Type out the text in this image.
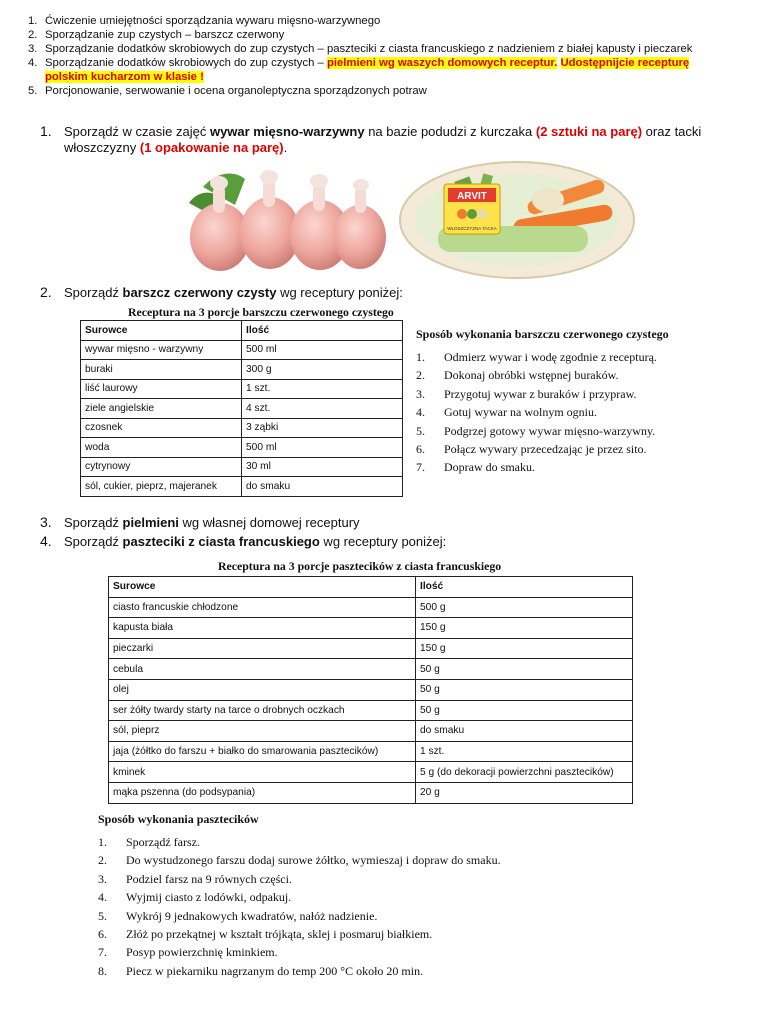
1. Ćwiczenie umiejętności sporządzania wywaru mięsno-warzywnego
2. Sporządzanie zup czystych – barszcz czerwony
3. Sporządzanie dodatków skrobiowych do zup czystych – paszteciki z ciasta francuskiego z nadzieniem z białej kapusty i pieczarek
4. Sporządzanie dodatków skrobiowych do zup czystych – pielmieni wg waszych domowych receptur. Udostępnijcie recepturę
polskim kucharzom w klasie !
5. Porcjonowanie, serwowanie i ocena organoleptyczna sporządzonych potraw
1. Sporządź w czasie zajęć wywar mięsno-warzywny na bazie podudzi z kurczaka (2 sztuki na parę) oraz tacki
włoszczyzny (1 opakowanie na parę).
ARVIT
WŁOSZCZYZNA TACKA
2. Sporządź barszcz czerwony czysty wg receptury poniżej:
Receptura na 3 porcje barszczu czerwonego czystego
Surowce	Ilość
wywar mięsno - warzywny	500 ml
buraki	300 g
liść laurowy	1 szt.
ziele angielskie	4 szt.
czosnek	3 ząbki
woda	500 ml
cytrynowy	30 ml
sól, cukier, pieprz, majeranek	do smaku
Sposób wykonania barszczu czerwonego czystego
1.	Odmierz wywar i wodę zgodnie z recepturą.
2.	Dokonaj obróbki wstępnej buraków.
3.	Przygotuj wywar z buraków i przypraw.
4.	Gotuj wywar na wolnym ogniu.
5.	Podgrzej gotowy wywar mięsno-warzywny.
6.	Połącz wywary przecedzając je przez sito.
7.	Dopraw do smaku.
3. Sporządź pielmieni wg własnej domowej receptury
4. Sporządź paszteciki z ciasta francuskiego wg receptury poniżej:
Receptura na 3 porcje pasztecików z ciasta francuskiego
Surowce	Ilość
ciasto francuskie chłodzone	500 g
kapusta biała	150 g
pieczarki	150 g
cebula	50 g
olej	50 g
ser żółty twardy starty na tarce o drobnych oczkach	50 g
sól, pieprz	do smaku
jaja (żółtko do farszu + białko do smarowania pasztecików)	1 szt.
kminek	5 g (do dekoracji powierzchni pasztecików)
mąka pszenna (do podsypania)	20 g
Sposób wykonania pasztecików
1.	Sporządź farsz.
2.	Do wystudzonego farszu dodaj surowe żółtko, wymieszaj i dopraw do smaku.
3.	Podziel farsz na 9 równych części.
4.	Wyjmij ciasto z lodówki, odpakuj.
5.	Wykrój 9 jednakowych kwadratów, nałóż nadzienie.
6.	Złóż po przekątnej w kształt trójkąta, sklej i posmaruj białkiem.
7.	Posyp powierzchnię kminkiem.
8.	Piecz w piekarniku nagrzanym do temp 200 °C około 20 min.
